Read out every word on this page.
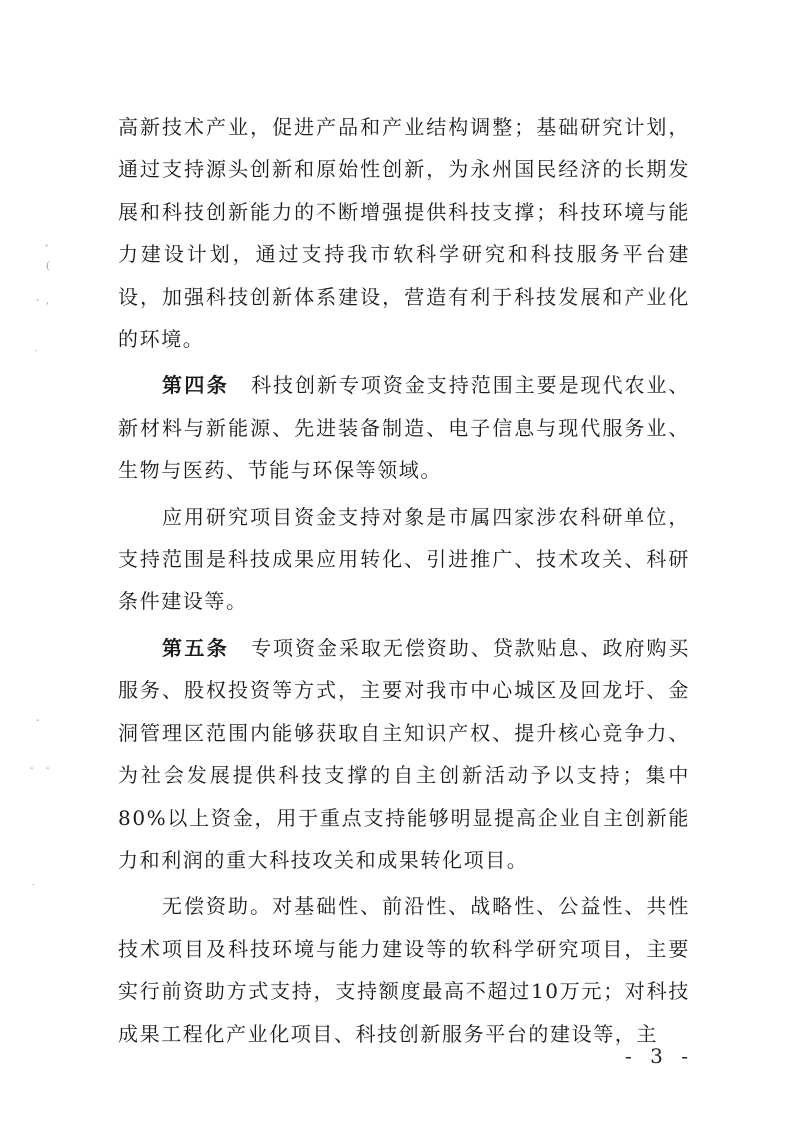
ˇ
(
- ˌ
ˎ
-
- -
ˎ

高新技术产业，促进产品和产业结构调整；基础研究计划，通过支持源头创新和原始性创新，为永州国民经济的长期发展和科技创新能力的不断增强提供科技支撑；科技环境与能力建设计划，通过支持我市软科学研究和科技服务平台建设，加强科技创新体系建设，营造有利于科技发展和产业化的环境。

第四条 科技创新专项资金支持范围主要是现代农业、新材料与新能源、先进装备制造、电子信息与现代服务业、生物与医药、节能与环保等领域。

应用研究项目资金支持对象是市属四家涉农科研单位，支持范围是科技成果应用转化、引进推广、技术攻关、科研条件建设等。

第五条 专项资金采取无偿资助、贷款贴息、政府购买服务、股权投资等方式，主要对我市中心城区及回龙圩、金洞管理区范围内能够获取自主知识产权、提升核心竞争力、为社会发展提供科技支撑的自主创新活动予以支持；集中80%以上资金，用于重点支持能够明显提高企业自主创新能力和利润的重大科技攻关和成果转化项目。

无偿资助。对基础性、前沿性、战略性、公益性、共性技术项目及科技环境与能力建设等的软科学研究项目，主要实行前资助方式支持，支持额度最高不超过10万元；对科技成果工程化产业化项目、科技创新服务平台的建设等，主

- 3 -
